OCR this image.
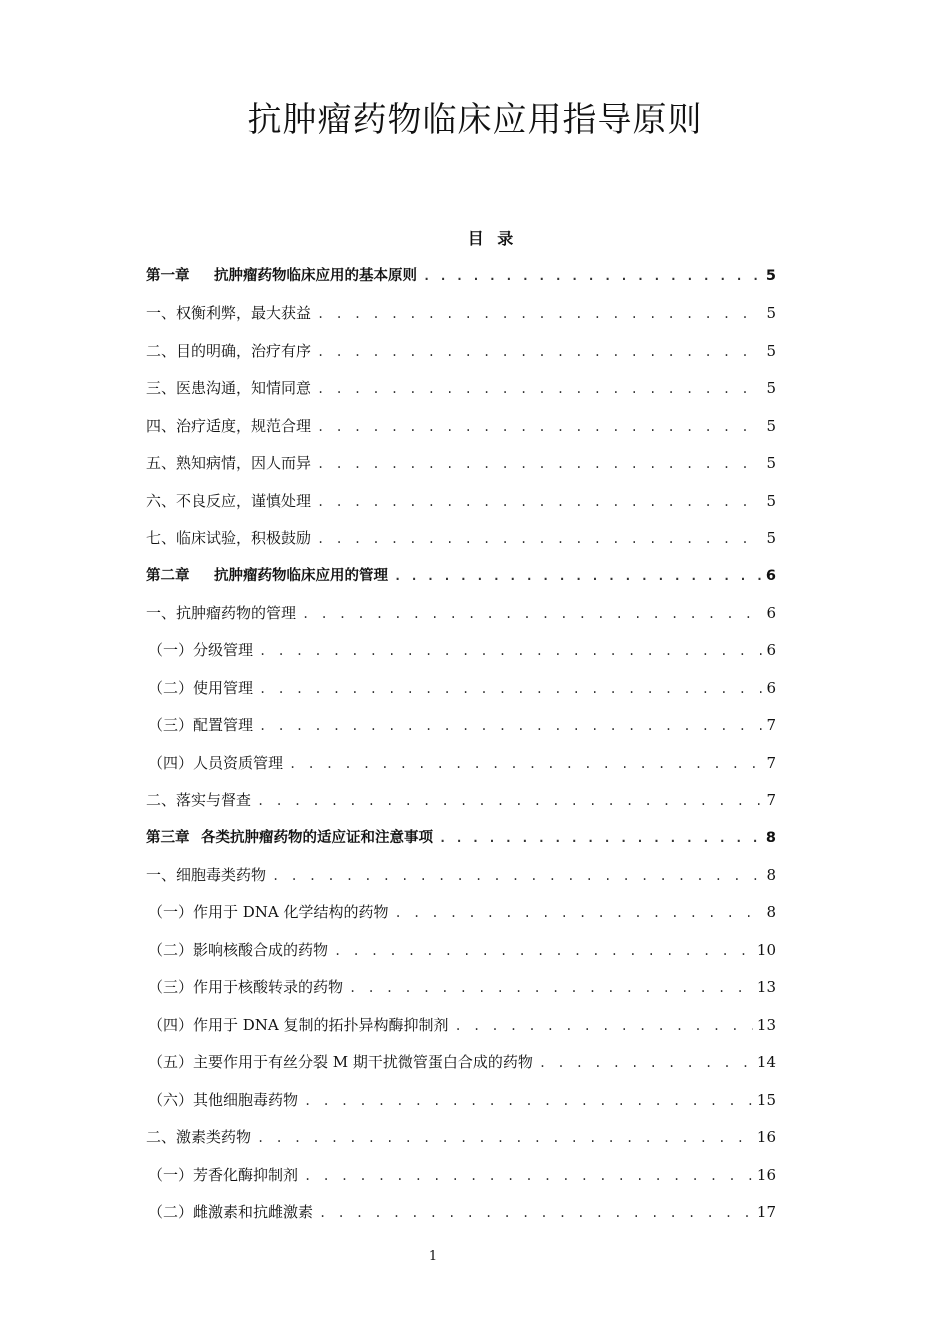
抗肿瘤药物临床应用指导原则
目 录
第一章 抗肿瘤药物临床应用的基本原则 . . .	5
一、权衡利弊，最大获益 . . .	5
二、目的明确，治疗有序 . . .	5
三、医患沟通，知情同意 . . .	5
四、治疗适度，规范合理 . . .	5
五、熟知病情，因人而异 . . .	5
六、不良反应，谨慎处理 . . .	5
七、临床试验，积极鼓励 . . .	5
第二章 抗肿瘤药物临床应用的管理 . . .	6
一、抗肿瘤药物的管理 . . .	6
（一）分级管理 . . .	6
（二）使用管理 . . .	6
（三）配置管理 . . .	7
（四）人员资质管理 . . .	7
二、落实与督查 . . .	7
第三章 各类抗肿瘤药物的适应证和注意事项 . . .	8
一、细胞毒类药物 . . .	8
（一）作用于 DNA 化学结构的药物 . . .	8
（二）影响核酸合成的药物 . . .	10
（三）作用于核酸转录的药物 . . .	13
（四）作用于 DNA 复制的拓扑异构酶抑制剂 . . .	13
（五）主要作用于有丝分裂 M 期干扰微管蛋白合成的药物 . . .	14
（六）其他细胞毒药物 . . .	15
二、激素类药物 . . .	16
（一）芳香化酶抑制剂 . . .	16
（二）雌激素和抗雌激素 . . .	17
1
